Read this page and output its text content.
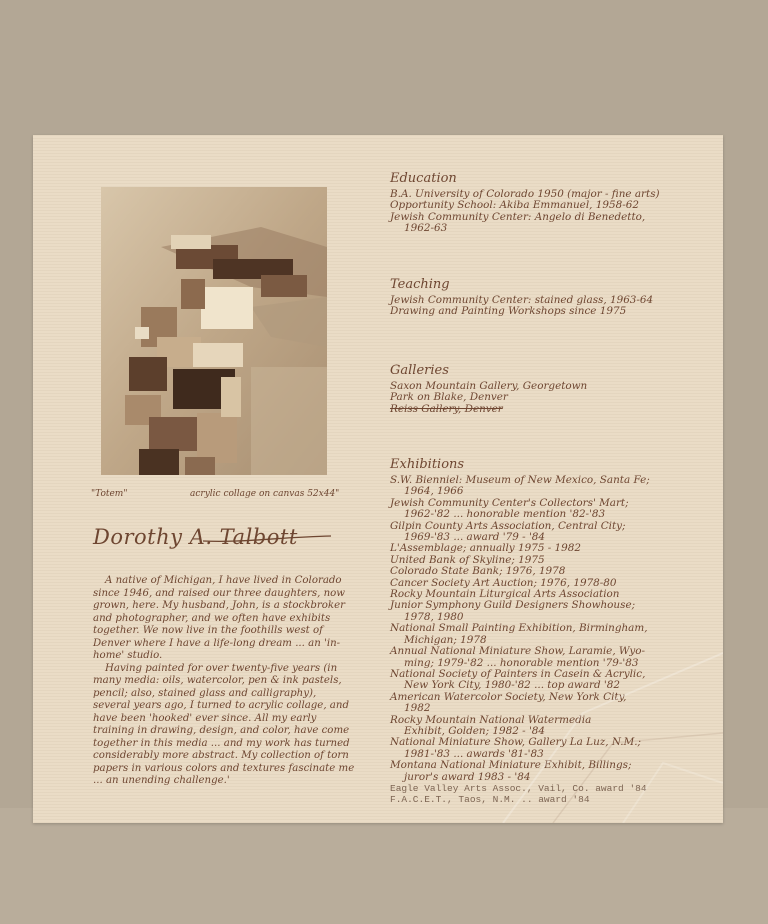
"Totem"	acrylic collage on canvas 52x44"
Dorothy A. Talbott

A native of Michigan, I have lived in Colorado since 1946, and raised our three daughters, now grown, here. My husband, John, is a stockbroker and photographer, and we often have exhibits together. We now live in the foothills west of Denver where I have a life-long dream ... an 'in-home' studio.

Having painted for over twenty-five years (in many media: oils, watercolor, pen & ink pastels, pencil; also, stained glass and calligraphy), several years ago, I turned to acrylic collage, and have been 'hooked' ever since. All my early training in drawing, design, and color, have come together in this media ... and my work has turned considerably more abstract. My collection of torn papers in various colors and textures fascinate me ... an unending challenge.'

Education
B.A. University of Colorado 1950 (major - fine arts)
Opportunity School: Akiba Emmanuel, 1958-62
Jewish Community Center: Angelo di Benedetto,
1962-63
Teaching
Jewish Community Center: stained glass, 1963-64
Drawing and Painting Workshops since 1975
Galleries
Saxon Mountain Gallery, Georgetown
Park on Blake, Denver
Reiss Gallery, Denver
Exhibitions
S.W. Bienniel: Museum of New Mexico, Santa Fe;
1964, 1966
Jewish Community Center's Collectors' Mart;
1962-'82 ... honorable mention '82-'83
Gilpin County Arts Association, Central City;
1969-'83 ... award '79 - '84
L'Assemblage; annually 1975 - 1982
United Bank of Skyline; 1975
Colorado State Bank; 1976, 1978
Cancer Society Art Auction; 1976, 1978-80
Rocky Mountain Liturgical Arts Association
Junior Symphony Guild Designers Showhouse;
1978, 1980
National Small Painting Exhibition, Birmingham,
Michigan; 1978
Annual National Miniature Show, Laramie, Wyo-
ming; 1979-'82 ... honorable mention '79-'83
National Society of Painters in Casein & Acrylic,
New York City, 1980-'82 ... top award '82
American Watercolor Society, New York City,
1982
Rocky Mountain National Watermedia
Exhibit, Golden; 1982 - '84
National Miniature Show, Gallery La Luz, N.M.;
1981-'83 ... awards '81-'83
Montana National Miniature Exhibit, Billings;
juror's award 1983 - '84
Eagle Valley Arts Assoc., Vail, Co. award '84
F.A.C.E.T., Taos, N.M. .. award '84
